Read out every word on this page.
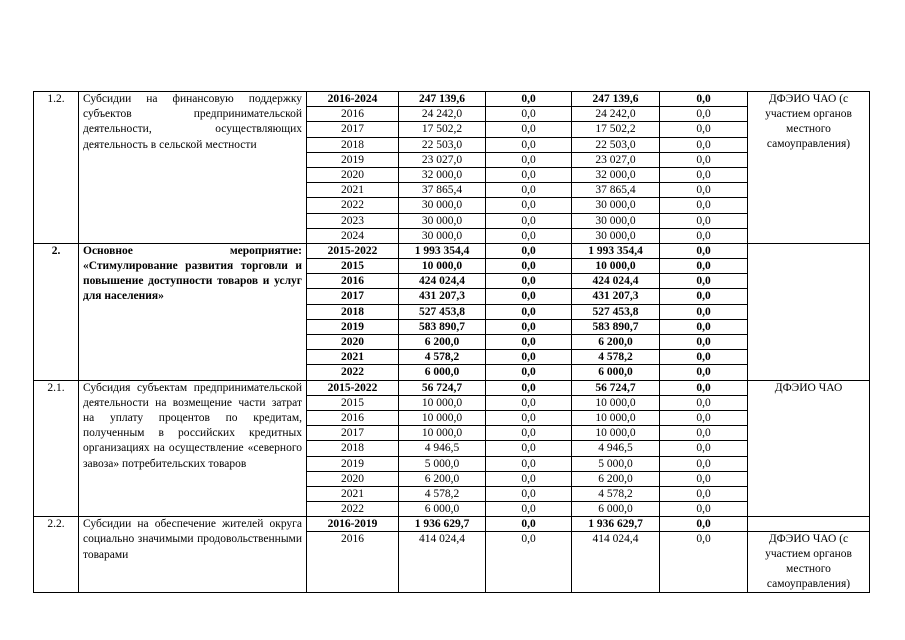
1.2.	Субсидии на финансовую поддержку субъектов предпринимательской деятельности, осуществляющих деятельность в сельской местности	2016-2024	247 139,6	0,0	247 139,6	0,0	ДФЭИО ЧАО (с участием органов местного самоуправления)
		2016	24 242,0	0,0	24 242,0	0,0	
		2017	17 502,2	0,0	17 502,2	0,0	
		2018	22 503,0	0,0	22 503,0	0,0	
		2019	23 027,0	0,0	23 027,0	0,0	
		2020	32 000,0	0,0	32 000,0	0,0	
		2021	37 865,4	0,0	37 865,4	0,0	
		2022	30 000,0	0,0	30 000,0	0,0	
		2023	30 000,0	0,0	30 000,0	0,0	
		2024	30 000,0	0,0	30 000,0	0,0	
2.	Основное мероприятие: «Стимулирование развития торговли и повышение доступности товаров и услуг для населения»	2015-2022	1 993 354,4	0,0	1 993 354,4	0,0	
		2015	10 000,0	0,0	10 000,0	0,0	
		2016	424 024,4	0,0	424 024,4	0,0	
		2017	431 207,3	0,0	431 207,3	0,0	
		2018	527 453,8	0,0	527 453,8	0,0	
		2019	583 890,7	0,0	583 890,7	0,0	
		2020	6 200,0	0,0	6 200,0	0,0	
		2021	4 578,2	0,0	4 578,2	0,0	
		2022	6 000,0	0,0	6 000,0	0,0	
2.1.	Субсидия субъектам предпринимательской деятельности на возмещение части затрат на уплату процентов по кредитам, полученным в российских кредитных организациях на осуществление «северного завоза» потребительских товаров	2015-2022	56 724,7	0,0	56 724,7	0,0	ДФЭИО ЧАО
		2015	10 000,0	0,0	10 000,0	0,0	
		2016	10 000,0	0,0	10 000,0	0,0	
		2017	10 000,0	0,0	10 000,0	0,0	
		2018	4 946,5	0,0	4 946,5	0,0	
		2019	5 000,0	0,0	5 000,0	0,0	
		2020	6 200,0	0,0	6 200,0	0,0	
		2021	4 578,2	0,0	4 578,2	0,0	
		2022	6 000,0	0,0	6 000,0	0,0	
2.2.	Субсидии на обеспечение жителей округа социально значимыми продовольственными товарами	2016-2019	1 936 629,7	0,0	1 936 629,7	0,0	
		2016	414 024,4	0,0	414 024,4	0,0	ДФЭИО ЧАО (с участием органов местного самоуправления)
